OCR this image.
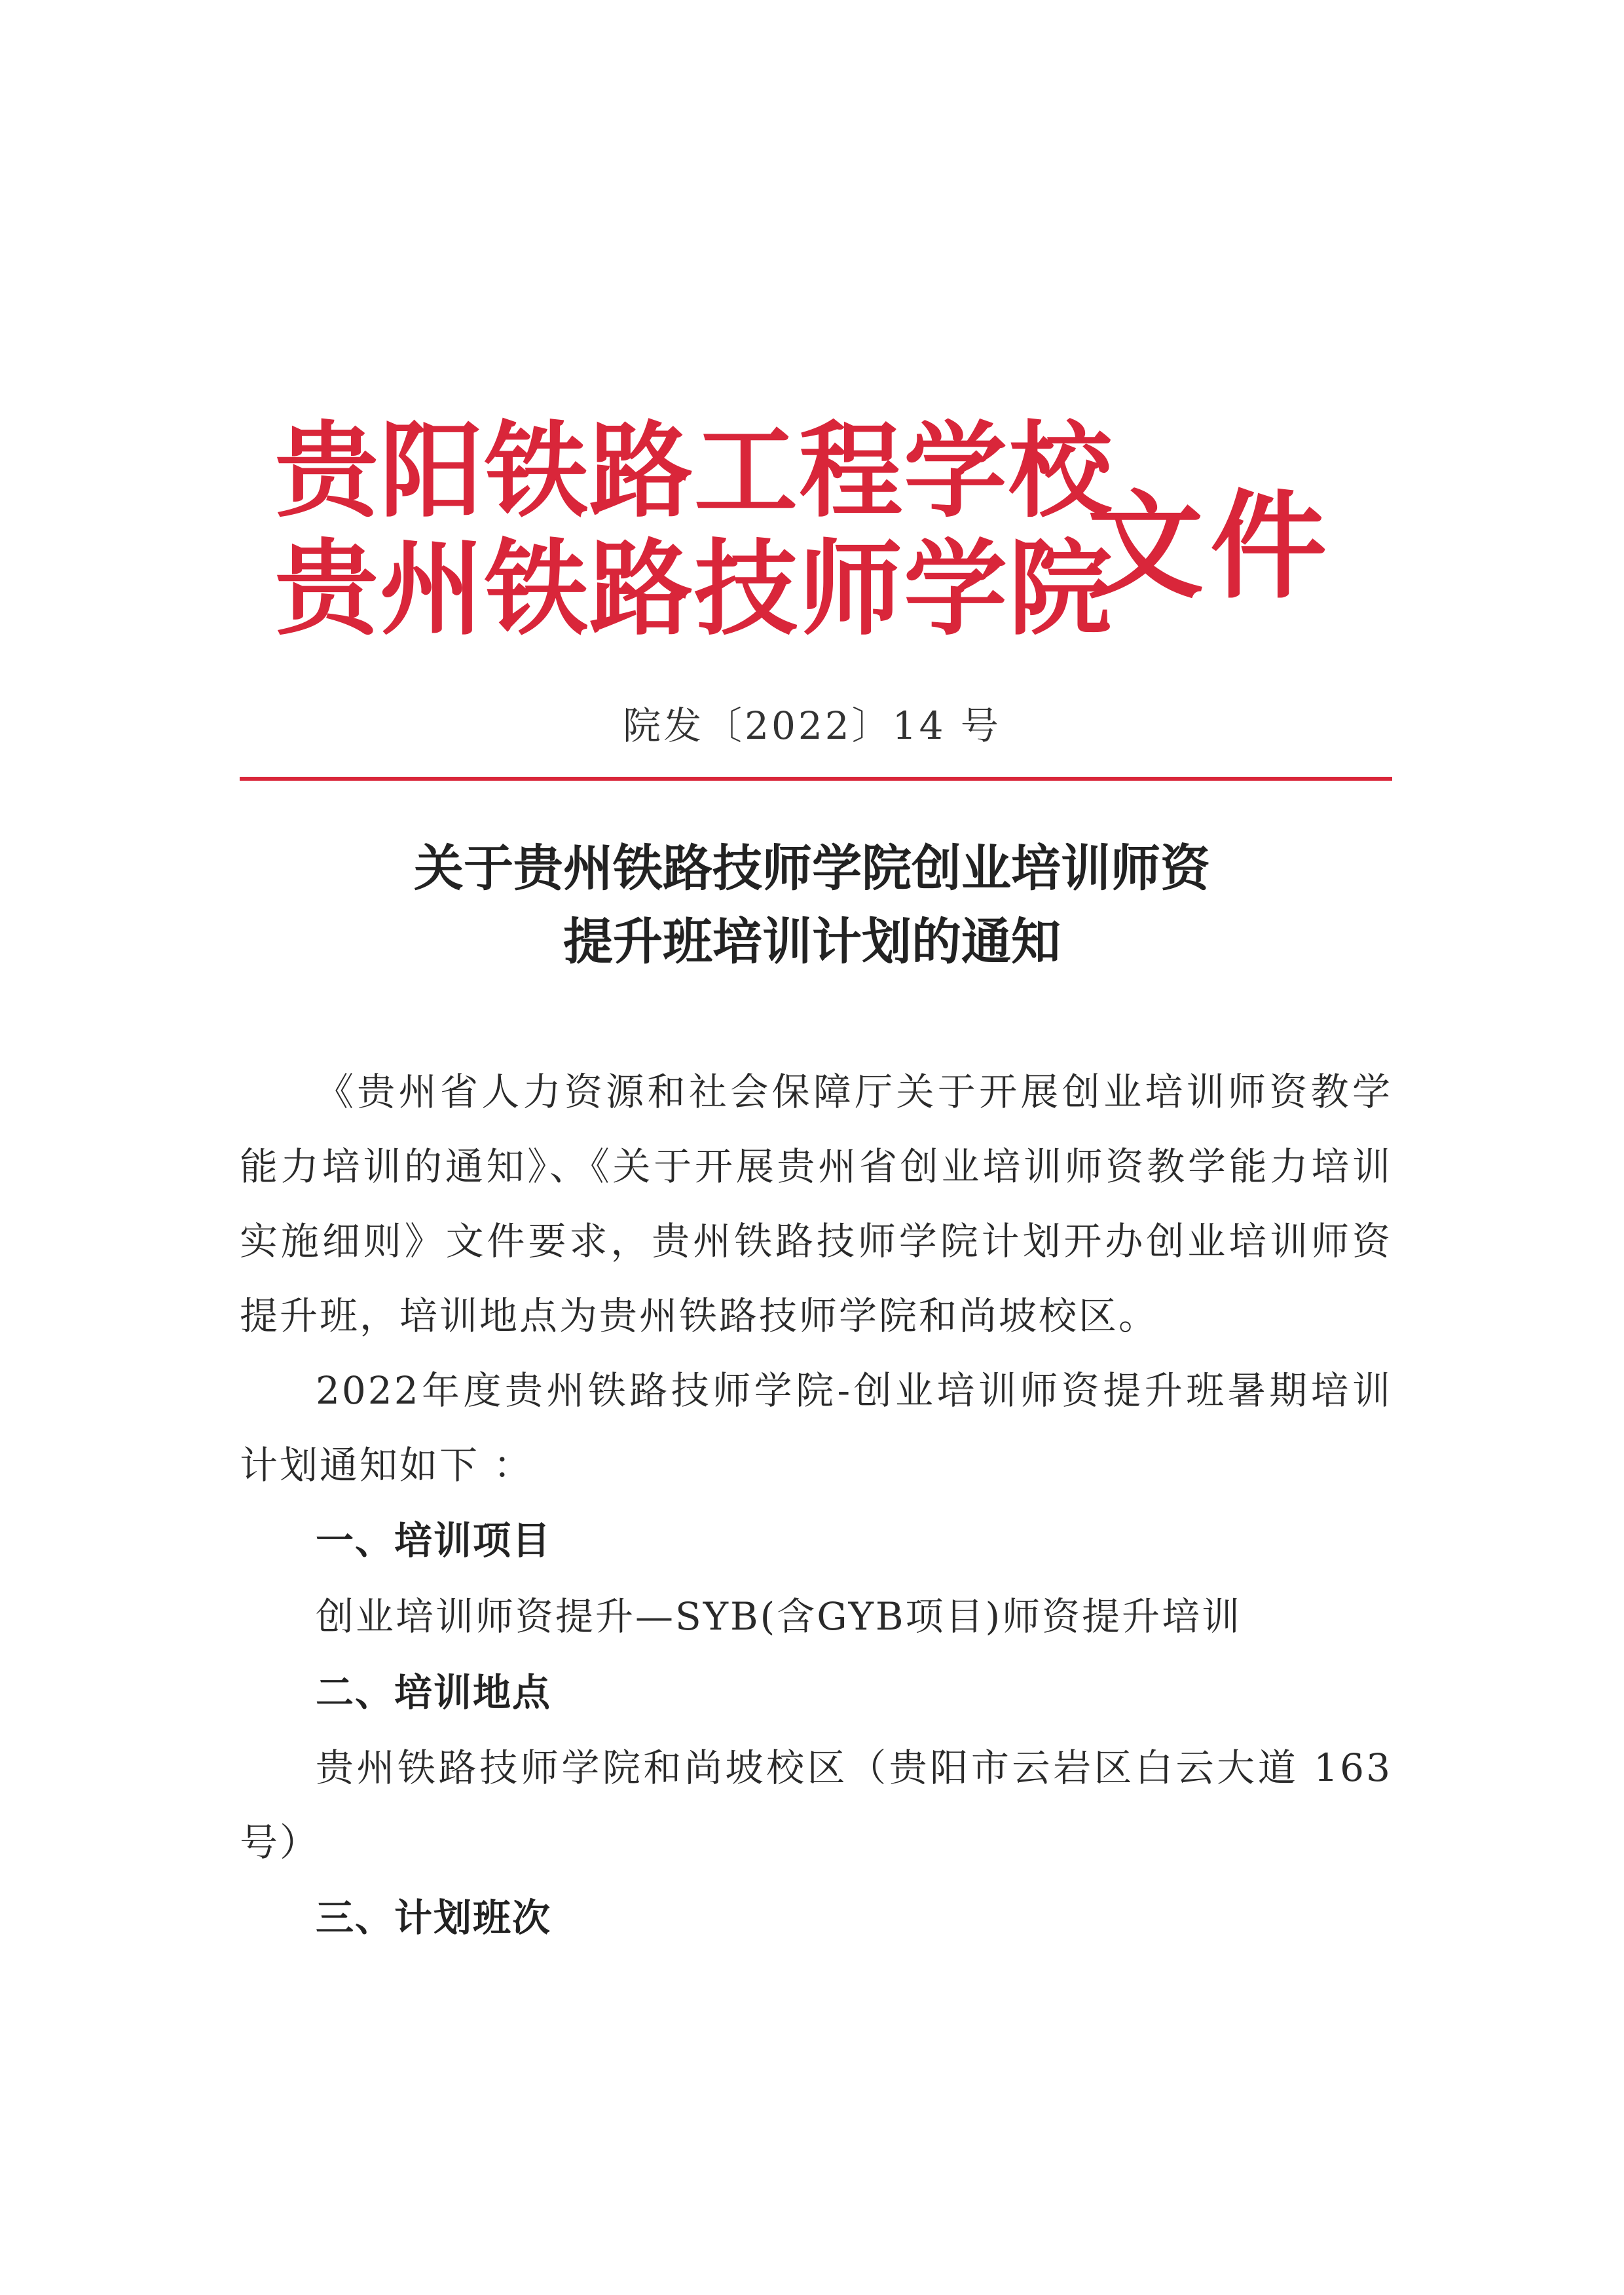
贵阳铁路工程学校
贵州铁路技师学院
文件
院发〔2022〕14 号
关于贵州铁路技师学院创业培训师资
提升班培训计划的通知

《贵州省人力资源和社会保障厅关于开展创业培训师资教学能力培训的通知》、《关于开展贵州省创业培训师资教学能力培训实施细则》文件要求，贵州铁路技师学院计划开办创业培训师资提升班，培训地点为贵州铁路技师学院和尚坡校区。

2022年度贵州铁路技师学院-创业培训师资提升班暑期培训计划通知如下 ：

一、培训项目

创业培训师资提升—SYB(含GYB项目)师资提升培训

二、培训地点

贵州铁路技师学院和尚坡校区（贵阳市云岩区白云大道 163 号）

三、计划班次
